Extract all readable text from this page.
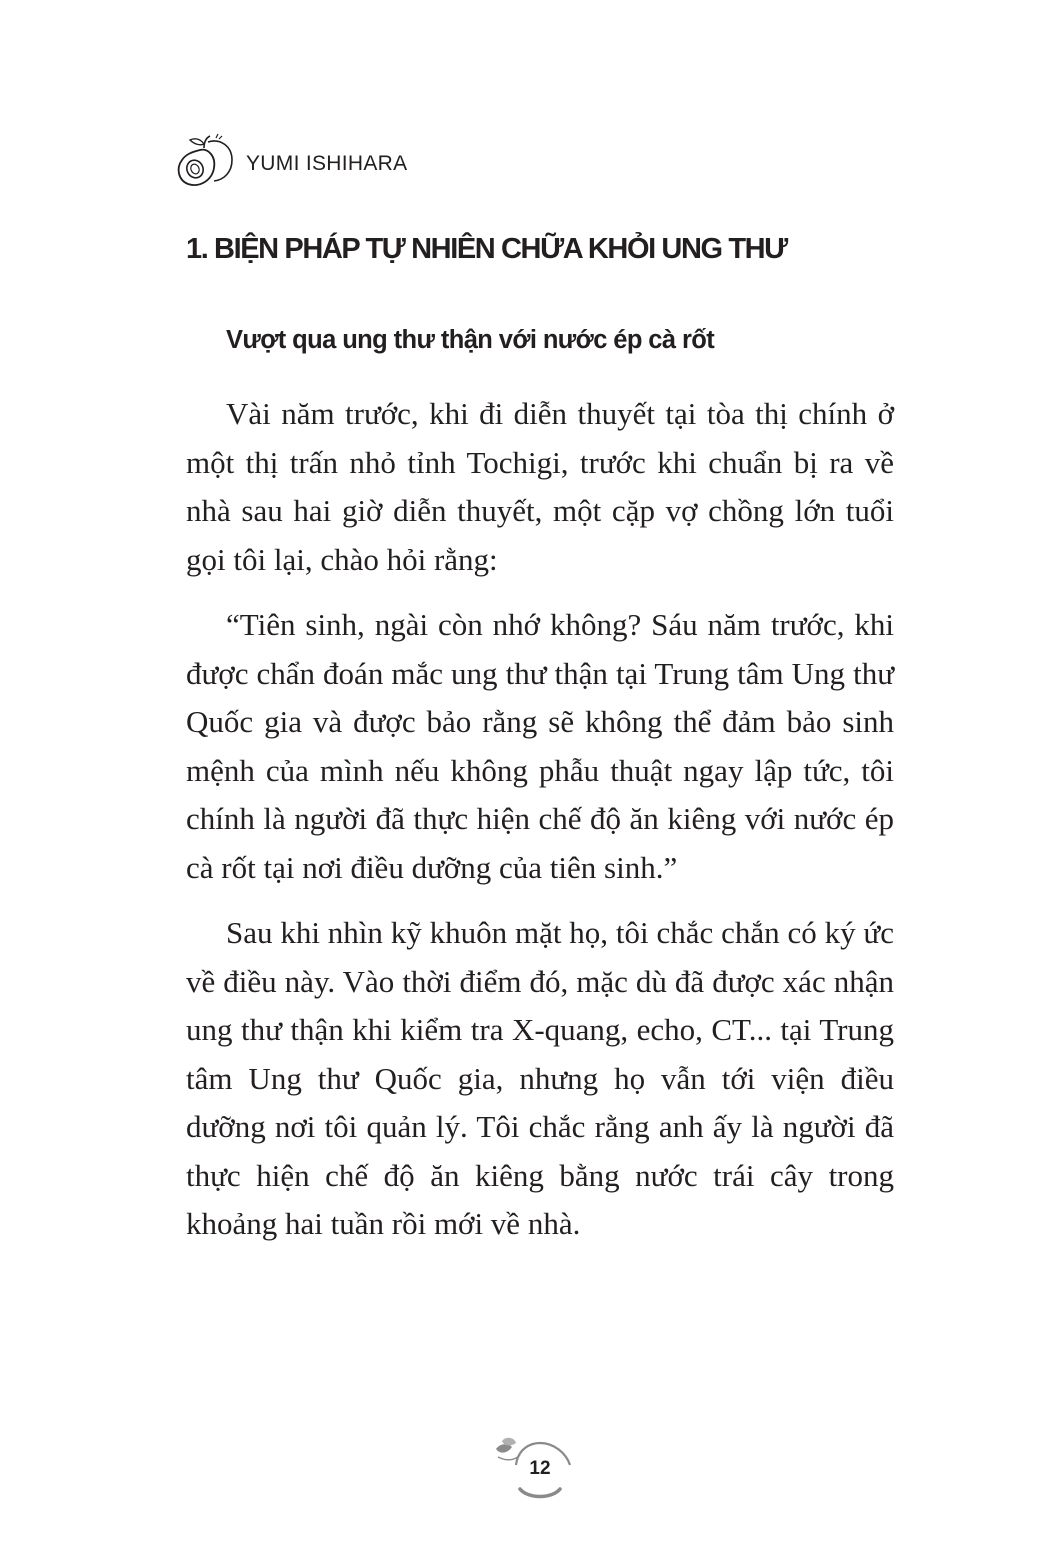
YUMI ISHIHARA
1. BIỆN PHÁP TỰ NHIÊN CHỮA KHỎI UNG THƯ
Vượt qua ung thư thận với nước ép cà rốt

Vài năm trước, khi đi diễn thuyết tại tòa thị chính ở một thị trấn nhỏ tỉnh Tochigi, trước khi chuẩn bị ra về nhà sau hai giờ diễn thuyết, một cặp vợ chồng lớn tuổi gọi tôi lại, chào hỏi rằng:

“Tiên sinh, ngài còn nhớ không? Sáu năm trước, khi được chẩn đoán mắc ung thư thận tại Trung tâm Ung thư Quốc gia và được bảo rằng sẽ không thể đảm bảo sinh mệnh của mình nếu không phẫu thuật ngay lập tức, tôi chính là người đã thực hiện chế độ ăn kiêng với nước ép cà rốt tại nơi điều dưỡng của tiên sinh.”

Sau khi nhìn kỹ khuôn mặt họ, tôi chắc chắn có ký ức về điều này. Vào thời điểm đó, mặc dù đã được xác nhận ung thư thận khi kiểm tra X-quang, echo, CT... tại Trung tâm Ung thư Quốc gia, nhưng họ vẫn tới viện điều dưỡng nơi tôi quản lý. Tôi chắc rằng anh ấy là người đã thực hiện chế độ ăn kiêng bằng nước trái cây trong khoảng hai tuần rồi mới về nhà.

12
